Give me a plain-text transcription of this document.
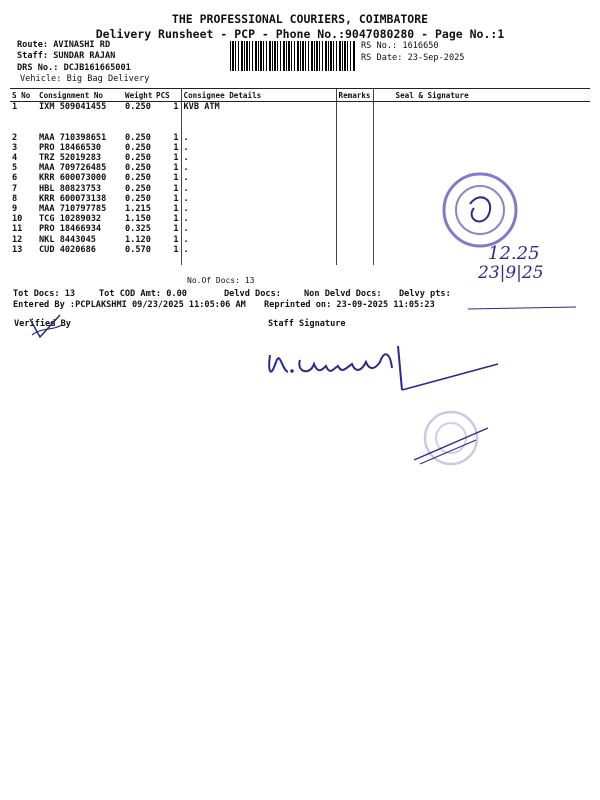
THE PROFESSIONAL COURIERS, COIMBATORE
Delivery Runsheet - PCP - Phone No.:9047080280 - Page No.:1
Route: AVINASHI RD
Staff: SUNDAR RAJAN
DRS No.: DCJB161665001
Vehicle: Big Bag Delivery
RS No.: 1616650
RS Date: 23-Sep-2025
S No	Consignment No	Weight	PCS	Consignee Details	Remarks	Seal & Signature
1	IXM 509041455	0.250	1	KVB ATM		

2	MAA 710398651	0.250	1	.		
3	PRO 18466530	0.250	1	.		
4	TRZ 52019283	0.250	1	.		
5	MAA 709726485	0.250	1	.		
6	KRR 600073000	0.250	1	.		
7	HBL 80823753	0.250	1	.		
8	KRR 600073138	0.250	1	.		
9	MAA 710797785	1.215	1	.		
10	TCG 10289032	1.150	1	.		
11	PRO 18466934	0.325	1	.		
12	NKL 8443045	1.120	1	.		
13	CUD 4020686	0.570	1	.		

No.Of Docs: 13
Tot Docs: 13	Tot COD Amt: 0.00	Delvd Docs:	Non Delvd Docs: Delvy pts:
Entered By :PCPLAKSHMI 09/23/2025 11:05:06 AM Reprinted on: 23-09-2025 11:05:23
Verified By	Staff Signature
12.25
23|9|25
